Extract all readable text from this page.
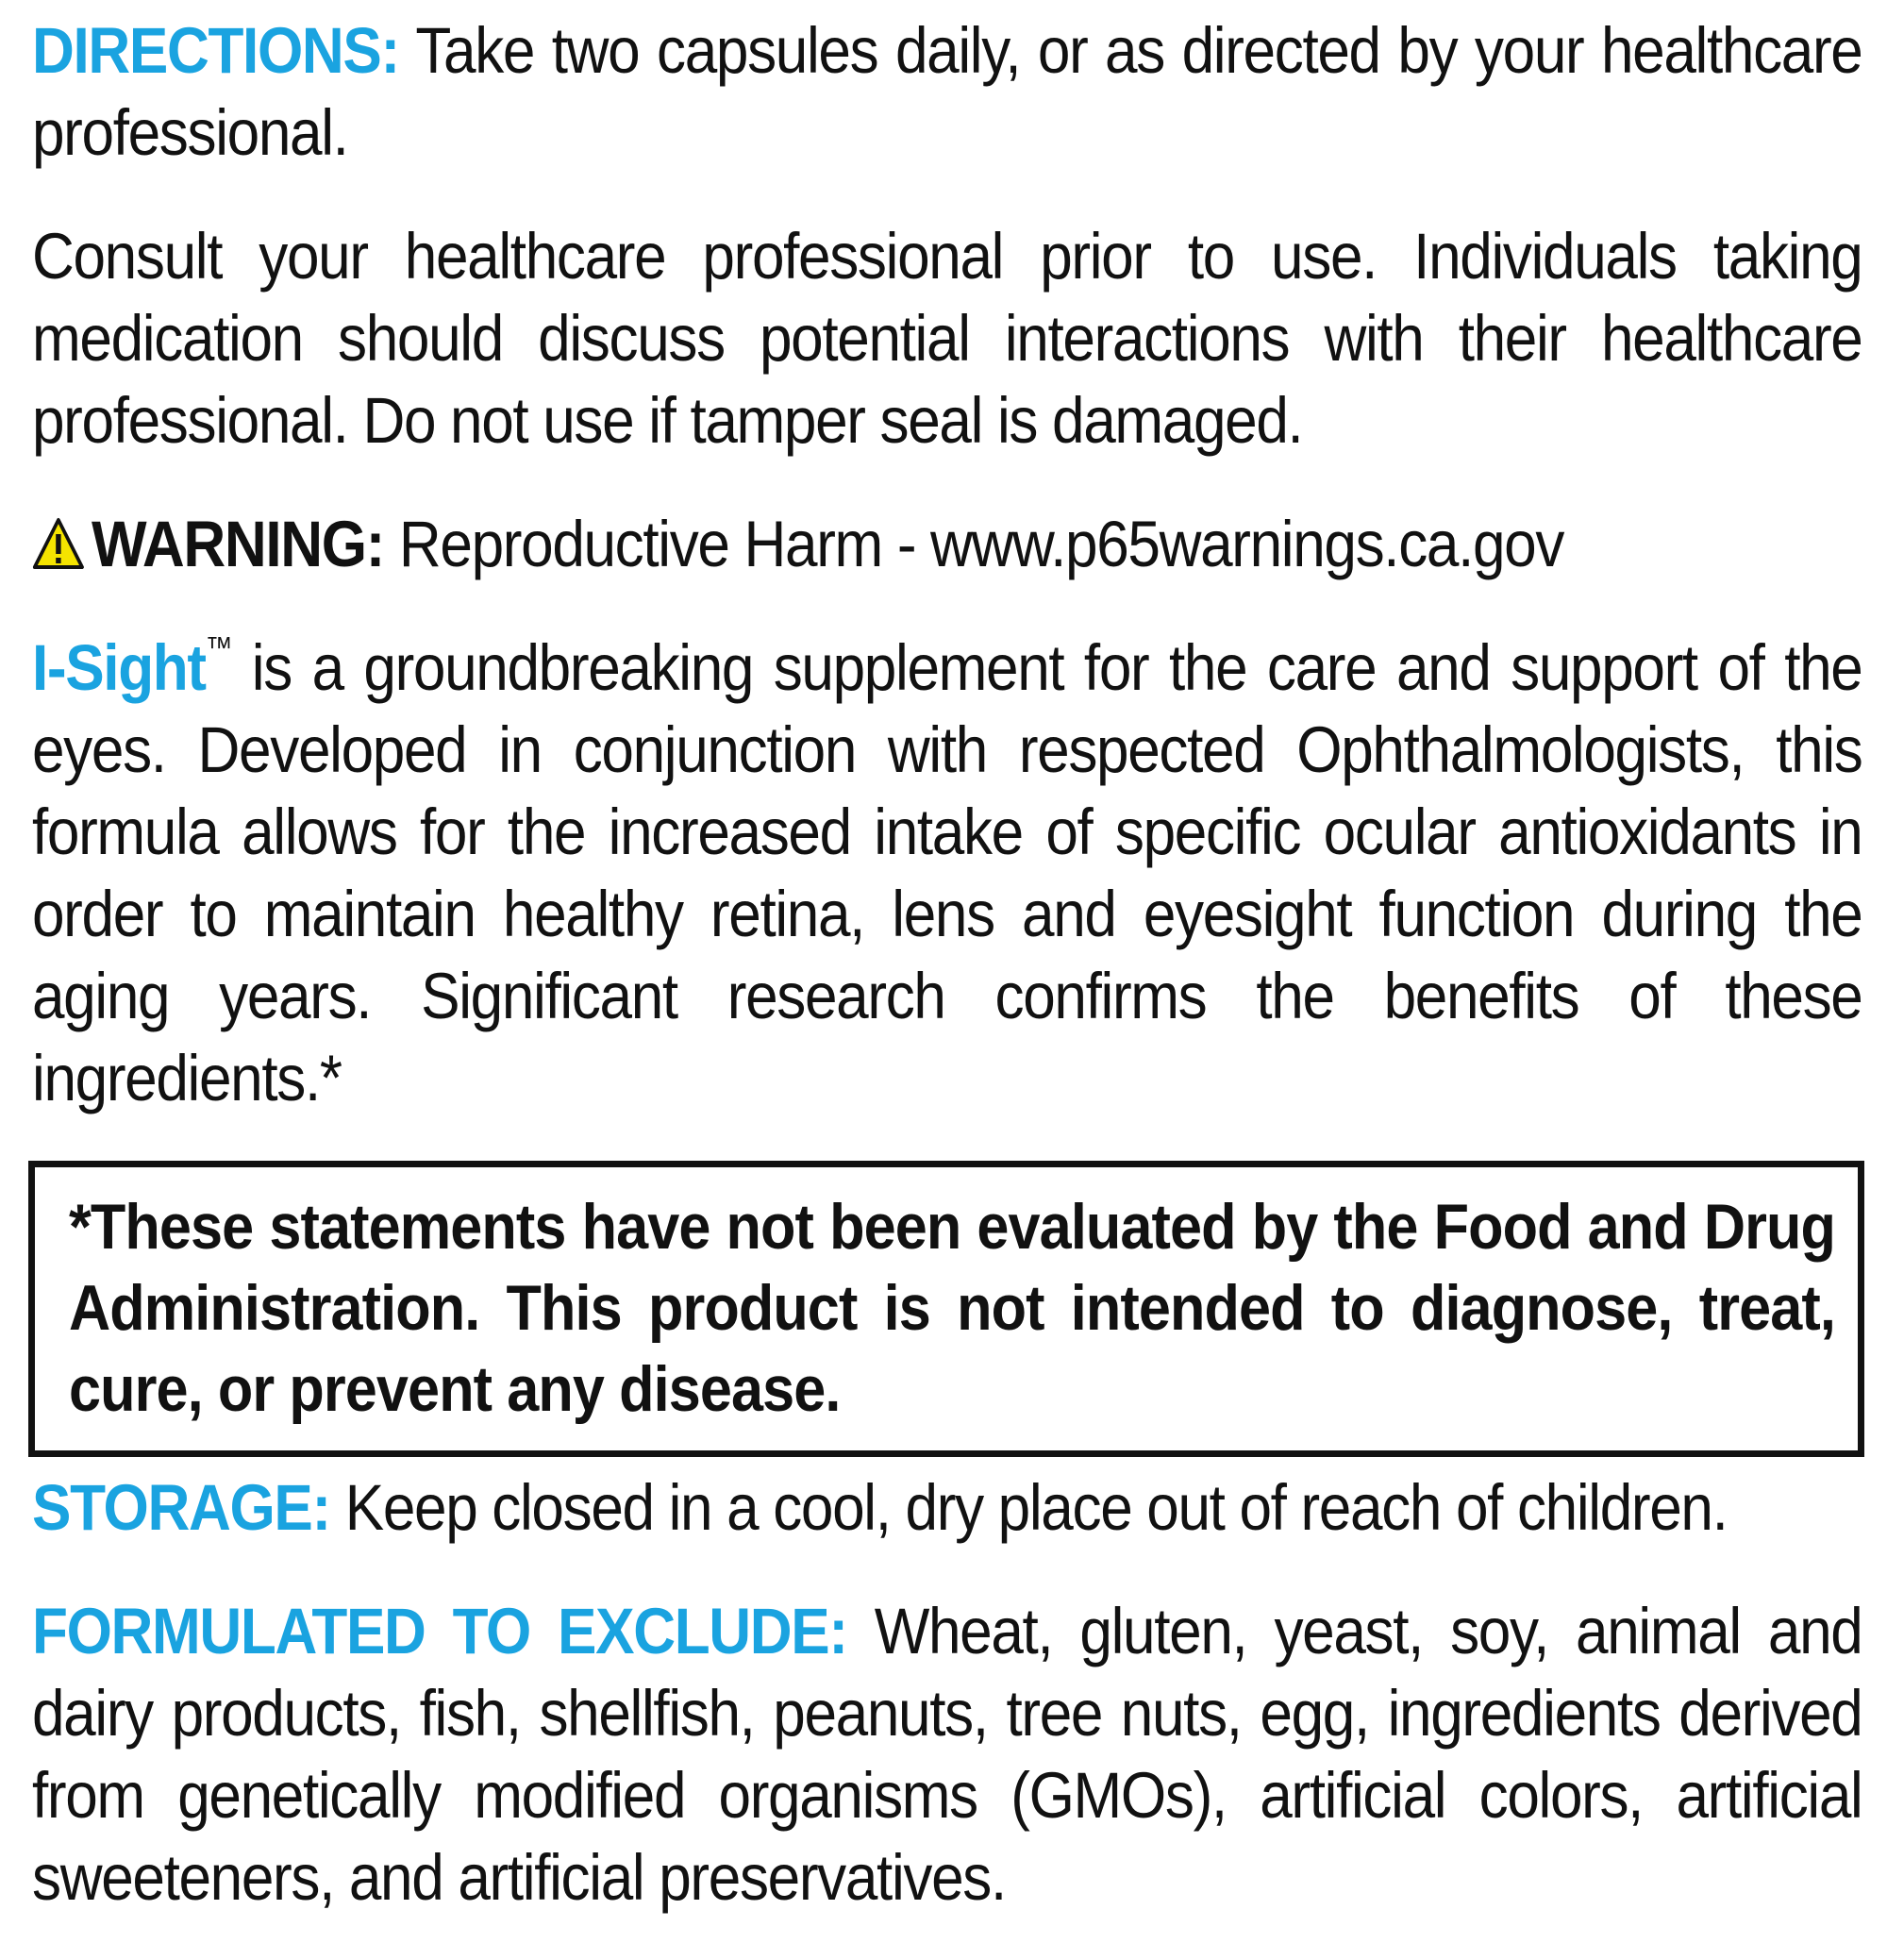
DIRECTIONS: Take two capsules daily, or as directed by your healthcare professional.

Consult your healthcare professional prior to use. Individuals taking medication should discuss potential interactions with their healthcare professional. Do not use if tamper seal is damaged.

WARNING: Reproductive Harm - www.p65warnings.ca.gov

I-Sight™ is a groundbreaking supplement for the care and support of the eyes. Developed in conjunction with respected Ophthalmologists, this formula allows for the increased intake of specific ocular antioxidants in order to maintain healthy retina, lens and eyesight function during the aging years. Significant research confirms the benefits of these ingredients.*

*These statements have not been evaluated by the Food and Drug Administration. This product is not intended to diagnose, treat, cure, or prevent any disease.

STORAGE: Keep closed in a cool, dry place out of reach of children.

FORMULATED TO EXCLUDE: Wheat, gluten, yeast, soy, animal and dairy products, fish, shellfish, peanuts, tree nuts, egg, ingredients derived from genetically modified organisms (GMOs), artificial colors, artificial sweeteners, and artificial preservatives.
